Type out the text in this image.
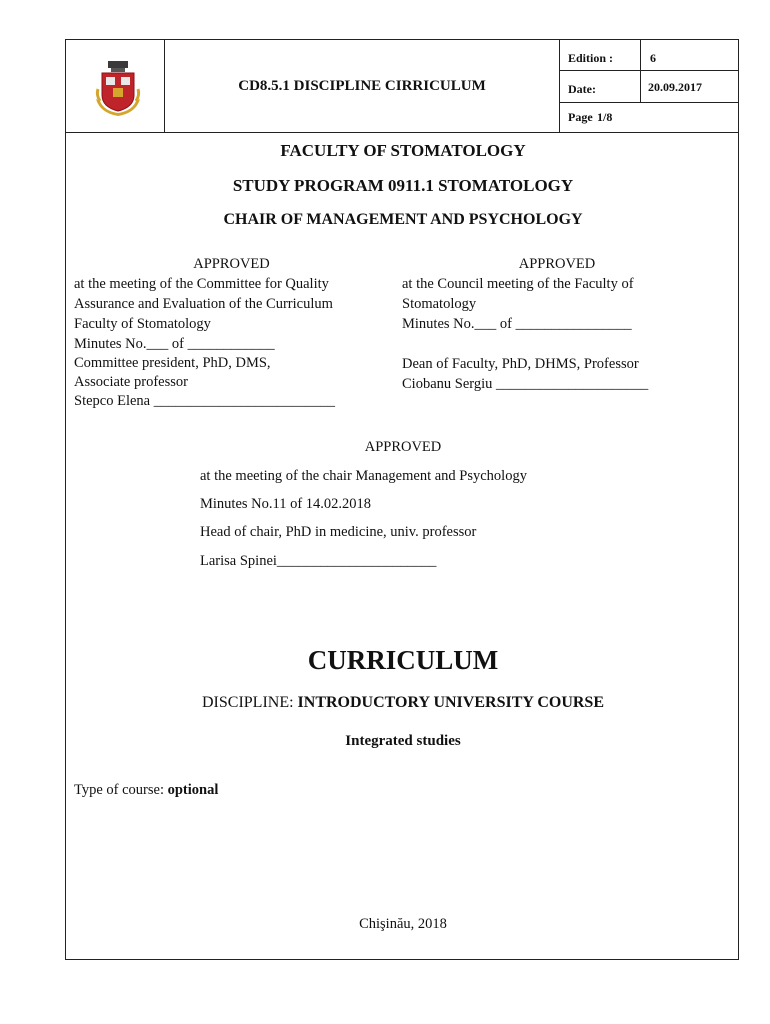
CD8.5.1 DISCIPLINE CIRRICULUM
Edition :	6
Date:	20.09.2017
Page 1/8
FACULTY OF STOMATOLOGY
STUDY PROGRAM 0911.1 STOMATOLOGY
CHAIR OF MANAGEMENT AND PSYCHOLOGY
APPROVED
at the meeting of the Committee for Quality
Assurance and Evaluation of the Curriculum
Faculty of Stomatology
Minutes No.___ of ____________
Committee president, PhD, DMS,
Associate professor
Stepco Elena _________________________
APPROVED
at the Council meeting of the Faculty of
Stomatology
Minutes No.___ of ________________
Dean of Faculty, PhD, DHMS, Professor
Ciobanu Sergiu _____________________
APPROVED
at the meeting of the chair Management and Psychology
Minutes No.11 of 14.02.2018
Head of chair, PhD in medicine, univ. professor
Larisa Spinei______________________
CURRICULUM
DISCIPLINE: INTRODUCTORY UNIVERSITY COURSE
Integrated studies
Type of course: optional
Chişinău, 2018
